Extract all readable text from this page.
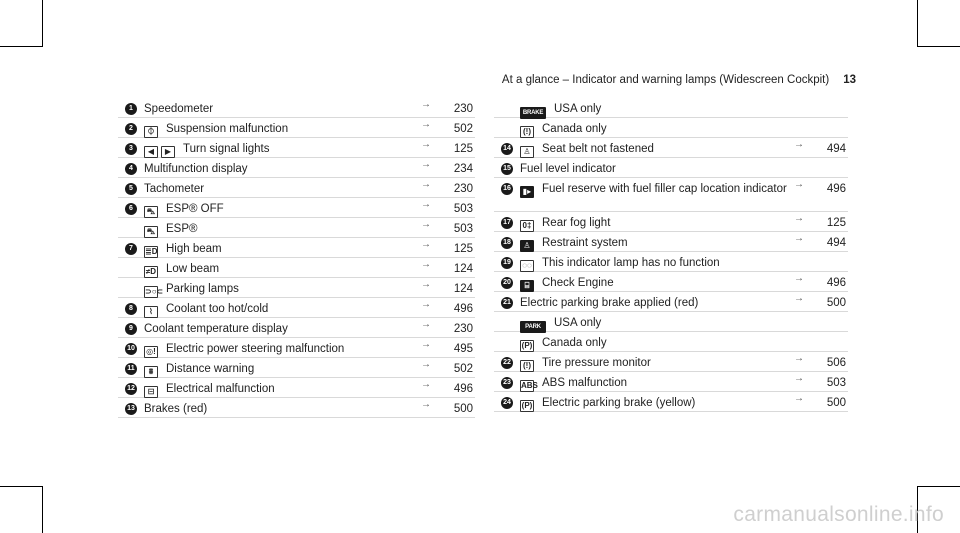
At a glance – Indicator and warning lamps (Widescreen Cockpit) 13
1 Speedometer	→ 230
2	⏀ Suspension malfunction	→ 502
3	◀ ▶ Turn signal lights	→ 125
4 Multifunction display	→ 234
5 Tachometer	→ 230
6	⛍ ESP® OFF	→ 503
⛍ ESP®	→ 503
7	≣D High beam	→ 125
≠D Low beam	→ 124
⊃○⊂ Parking lamps	→ 124
8	⌇ Coolant too hot/cold	→ 496
9 Coolant temperature display	→ 230
10 ◎! Electric power steering malfunction	→ 495
11	⩩ Distance warning	→ 502
12	⊟ Electrical malfunction	→ 496
13 Brakes (red)	→ 500
BRAKE USA only
(!) Canada only
14	♙ Seat belt not fastened	→ 494
15 Fuel level indicator
16	▮▸ Fuel reserve with fuel filler cap location indicator → 496
17	0‡ Rear fog light	→ 125
18	♙ Restraint system	→ 494
19 ◌◌ This indicator lamp has no function
20	⌸ Check Engine	→ 496
21 Electric parking brake applied (red)	→ 500
PARK USA only
(P) Canada only
22	(!) Tire pressure monitor	→ 506
23 ABS ABS malfunction	→ 503
24 (P) Electric parking brake (yellow)	→ 500
carmanualsonline.info
